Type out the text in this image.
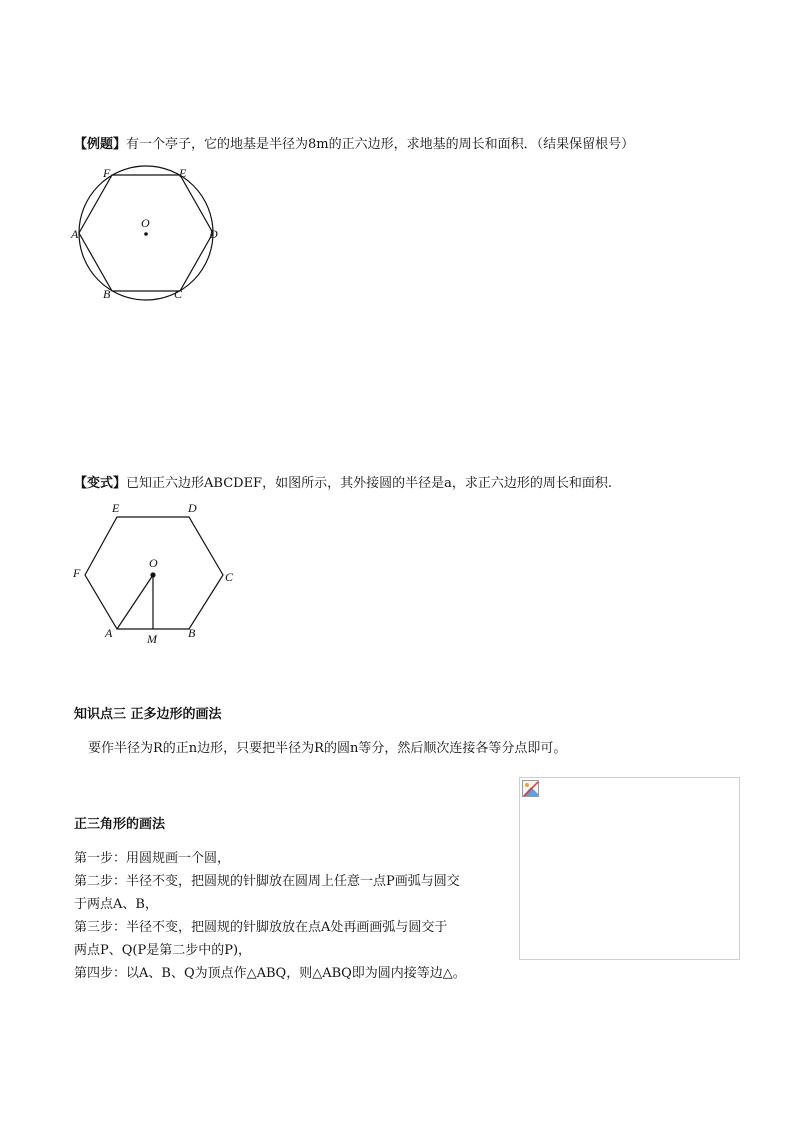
【例题】有一个亭子，它的地基是半径为8m的正六边形，求地基的周长和面积．（结果保留根号）
F	E
O
A	D
B	C
【变式】已知正六边形ABCDEF，如图所示，其外接圆的半径是a，求正六边形的周长和面积.
E	D
O
F	C
A	B
M
知识点三 正多边形的画法
要作半径为R的正n边形，只要把半径为R的圆n等分，然后顺次连接各等分点即可。
正三角形的画法
第一步：用圆规画一个圆，
第二步：半径不变，把圆规的针脚放在圆周上任意一点P画弧与圆交
于两点A、B，
第三步：半径不变，把圆规的针脚放放在点A处再画画弧与圆交于
两点P、Q(P是第二步中的P)，
第四步：以A、B、Q为顶点作△ABQ，则△ABQ即为圆内接等边△。
